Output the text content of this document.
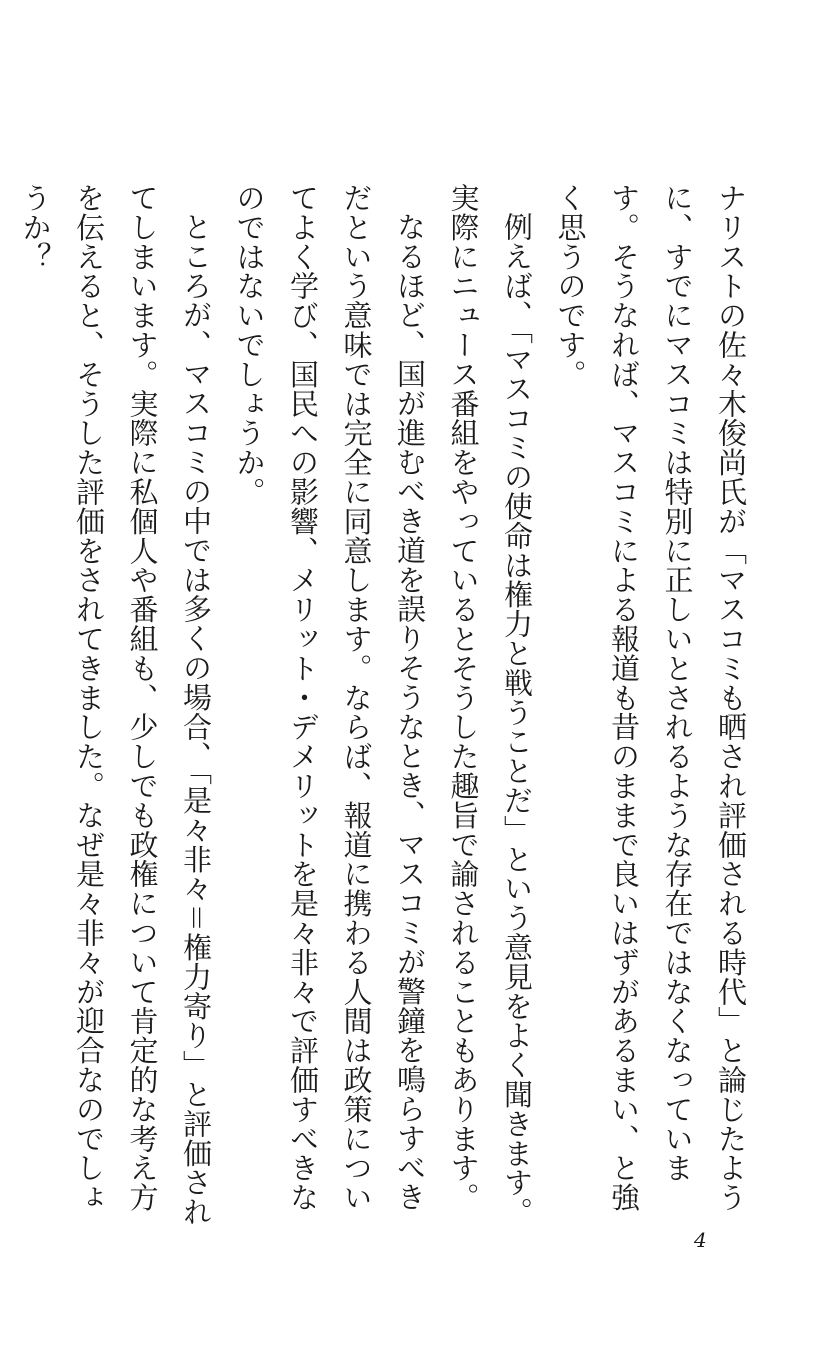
ナリストの佐々木俊尚氏が「マスコミも晒され評価される時代」と論じたように、すでにマスコミは特別に正しいとされるような存在ではなくなっています。そうなれば、マスコミによる報道も昔のままで良いはずがあるまい、と強く思うのです。

例えば、「マスコミの使命は権力と戦うことだ」という意見をよく聞きます。実際にニュース番組をやっているとそうした趣旨で諭されることもあります。

なるほど、国が進むべき道を誤りそうなとき、マスコミが警鐘を鳴らすべきだという意味では完全に同意します。ならば、報道に携わる人間は政策についてよく学び、国民への影響、メリット・デメリットを是々非々で評価すべきなのではないでしょうか。

ところが、マスコミの中では多くの場合、「是々非々＝権力寄り」と評価されてしまいます。実際に私個人や番組も、少しでも政権について肯定的な考え方を伝えると、そうした評価をされてきました。なぜ是々非々が迎合なのでしょうか？

4
